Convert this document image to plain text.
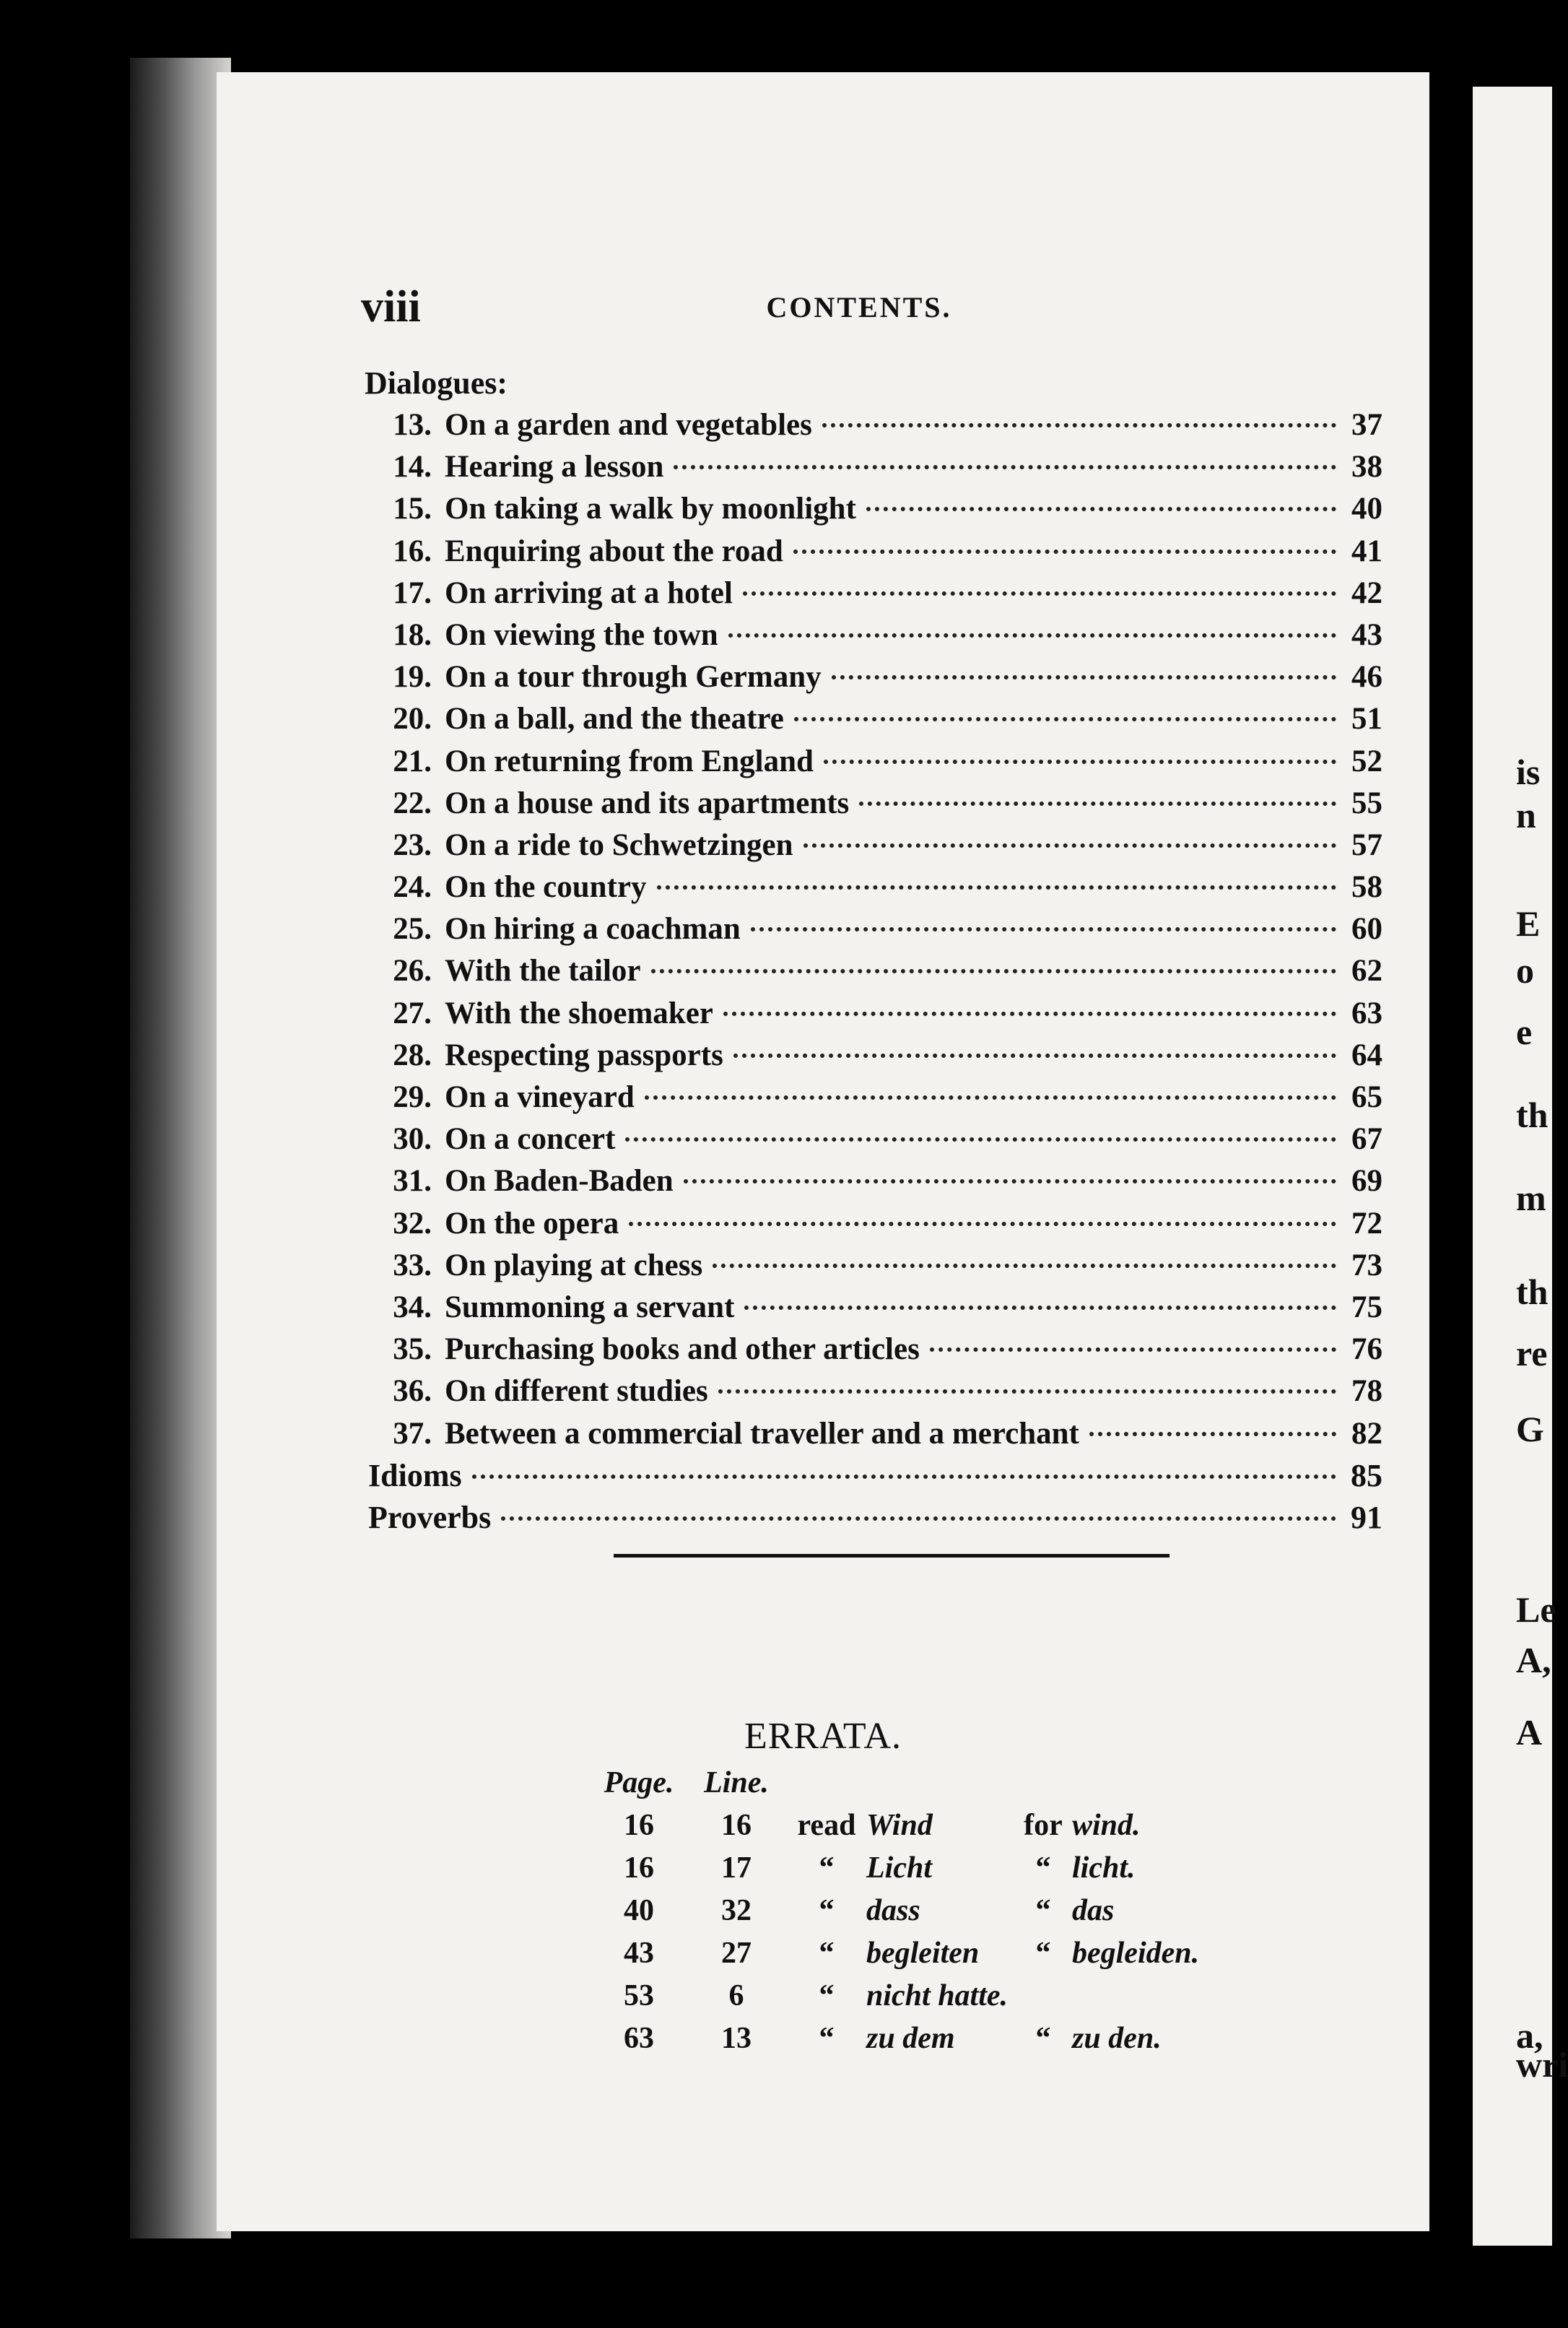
viii	CONTENTS.
Dialogues:
13. On a garden and vegetables	37
14. Hearing a lesson	38
15. On taking a walk by moonlight	40
16. Enquiring about the road	41
17. On arriving at a hotel	42
18. On viewing the town	43
19. On a tour through Germany	46
20. On a ball, and the theatre	51
21. On returning from England	52
22. On a house and its apartments	55
23. On a ride to Schwetzingen	57
24. On the country	58
25. On hiring a coachman	60
26. With the tailor	62
27. With the shoemaker	63
28. Respecting passports	64
29. On a vineyard	65
30. On a concert	67
31. On Baden-Baden	69
32. On the opera	72
33. On playing at chess	73
34. Summoning a servant	75
35. Purchasing books and other articles	76
36. On different studies	78
37. Between a commercial traveller and a merchant	82
Idioms	85
Proverbs	91
ERRATA.
Page. Line.
16	16	read Wind	for wind.
16	17	“	Licht	“ licht.
40	32	“	dass	“ das
43	27	“	begleiten	“ begleiden.
53	6	“	nicht hatte.
63	13	“	zu dem	“ zu den.
is
n
E
o
e
th
m
th
re
G
Le
A,
A
a,
wri
